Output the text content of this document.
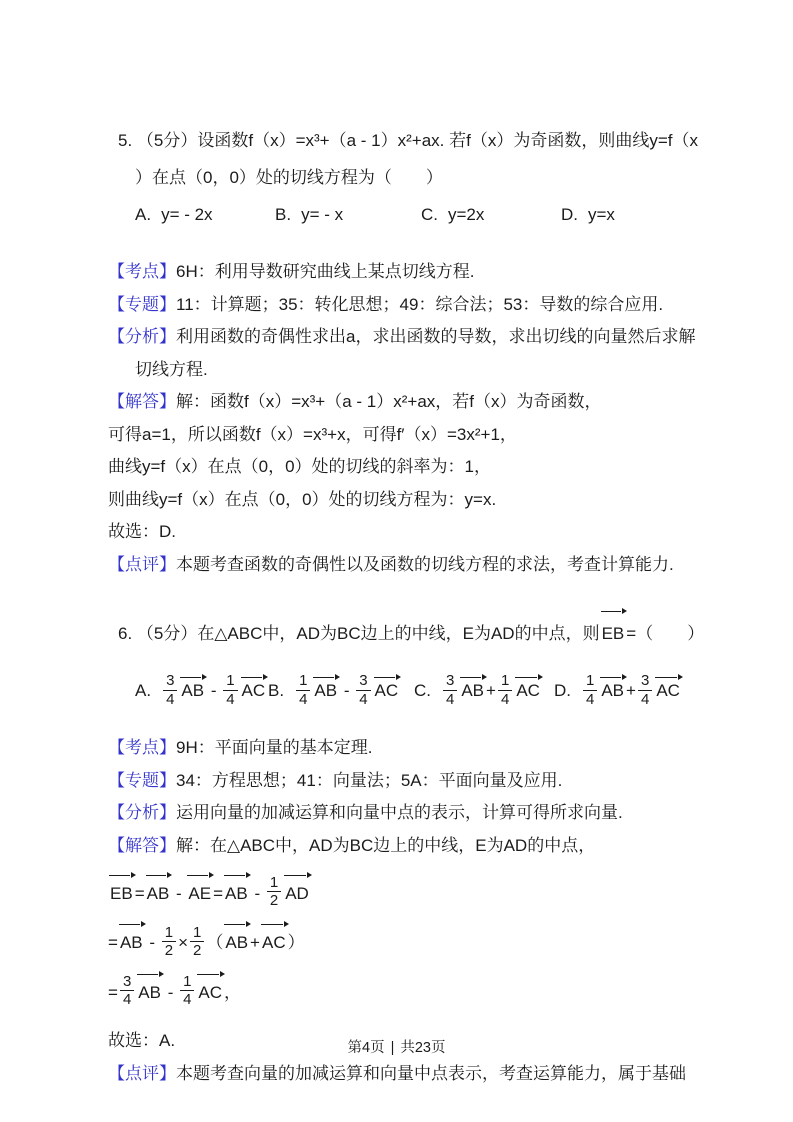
5. （5分）设函数f（x）=x³+（a - 1）x²+ax. 若f（x）为奇函数，则曲线y=f（x
）在点（0，0）处的切线方程为（　　）
A. y= - 2x	B. y= - x	C. y=2x	D. y=x
【考点】6H：利用导数研究曲线上某点切线方程.
【专题】11：计算题；35：转化思想；49：综合法；53：导数的综合应用.
【分析】利用函数的奇偶性求出a，求出函数的导数，求出切线的向量然后求解
切线方程.
【解答】解：函数f（x）=x³+（a - 1）x²+ax，若f（x）为奇函数，
可得a=1，所以函数f（x）=x³+x，可得f′（x）=3x²+1，
曲线y=f（x）在点（0，0）处的切线的斜率为：1，
则曲线y=f（x）在点（0，0）处的切线方程为：y=x.
故选：D.
【点评】本题考查函数的奇偶性以及函数的切线方程的求法，考查计算能力.
6. （5分）在△ABC中，AD为BC边上的中线，E为AD的中点，则 EB =（　　）
A. $\frac{3}{4}$ AB - $\frac{1}{4}$ AC B. $\frac{1}{4}$ AB - $\frac{3}{4}$ AC C. $\frac{3}{4}$ AB + $\frac{1}{4}$ AC D. $\frac{1}{4}$ AB + $\frac{3}{4}$ AC
【考点】9H：平面向量的基本定理.
【专题】34：方程思想；41：向量法；5A：平面向量及应用.
【分析】运用向量的加减运算和向量中点的表示，计算可得所求向量.
【解答】解：在△ABC中，AD为BC边上的中线，E为AD的中点，
EB = AB - AE = AB - $\frac{1}{2}$ AD
= AB - $\frac{1}{2} \times \frac{1}{2}$ （ AB + AC ）
= $\frac{3}{4}$ AB - $\frac{1}{4}$ AC ，
故选：A.
【点评】本题考查向量的加减运算和向量中点表示，考查运算能力，属于基础
第4页 | 共23页
